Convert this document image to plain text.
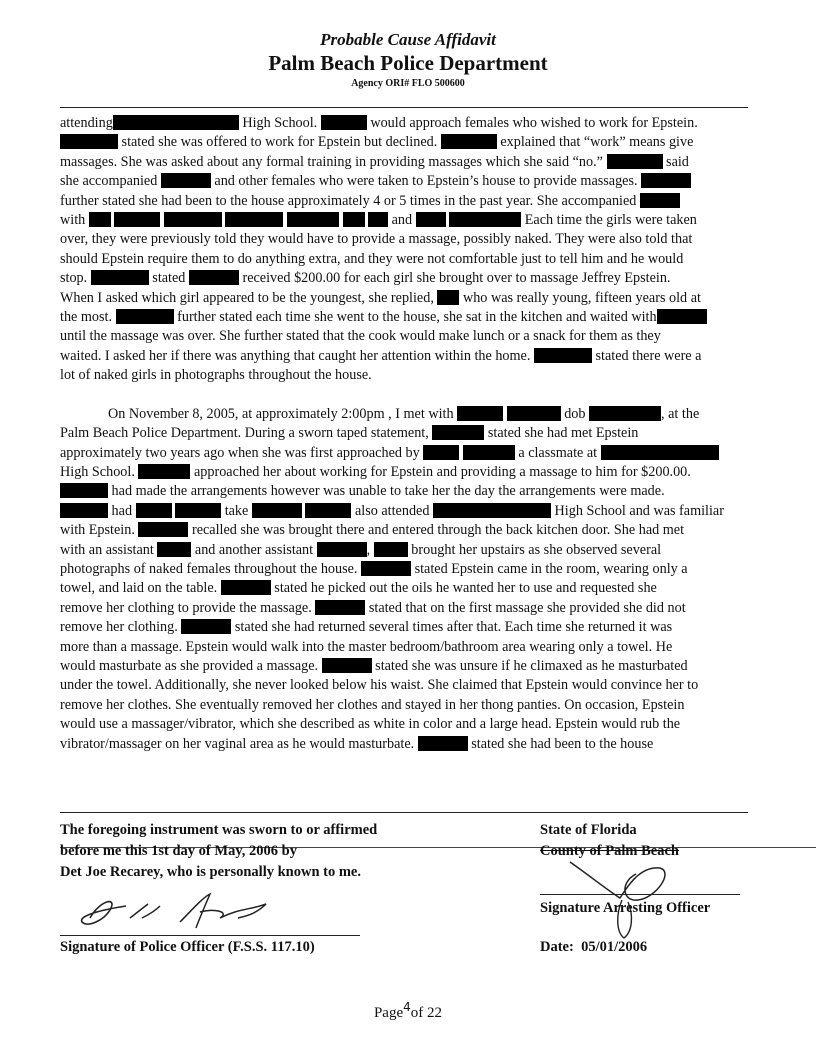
Probable Cause Affidavit
Palm Beach Police Department
Agency ORI# FLO 500600
attending	High School.	would approach females who wished to work for Epstein.
stated she was offered to work for Epstein but declined.	explained that “work” means give
massages. She was asked about any formal training in providing massages which she said “no.”	said
she accompanied	and other females who were taken to Epstein’s house to provide massages.
further stated she had been to the house approximately 4 or 5 times in the past year. She accompanied
with	and	Each time the girls were taken
over, they were previously told they would have to provide a massage, possibly naked. They were also told that
should Epstein require them to do anything extra, and they were not comfortable just to tell him and he would
stop.	stated	received $200.00 for each girl she brought over to massage Jeffrey Epstein.
When I asked which girl appeared to be the youngest, she replied, who was really young, fifteen years old at
the most.	further stated each time she went to the house, she sat in the kitchen and waited with
until the massage was over. She further stated that the cook would make lunch or a snack for them as they
waited. I asked her if there was anything that caught her attention within the home.	stated there were a
lot of naked girls in photographs throughout the house.
On November 8, 2005, at approximately 2:00pm , I met with	dob	, at the
Palm Beach Police Department. During a sworn taped statement,	stated she had met Epstein
approximately two years ago when she was first approached by	a classmate at
High School.	approached her about working for Epstein and providing a massage to him for $200.00.
had made the arrangements however was unable to take her the day the arrangements were made.
had	take	also attended	High School and was familiar
with Epstein.	recalled she was brought there and entered through the back kitchen door. She had met
with an assistant	and another assistant	,	brought her upstairs as she observed several
photographs of naked females throughout the house.	stated Epstein came in the room, wearing only a
towel, and laid on the table.	stated he picked out the oils he wanted her to use and requested she
remove her clothing to provide the massage.	stated that on the first massage she provided she did not
remove her clothing.	stated she had returned several times after that. Each time she returned it was
more than a massage. Epstein would walk into the master bedroom/bathroom area wearing only a towel. He
would masturbate as she provided a massage.	stated she was unsure if he climaxed as he masturbated
under the towel. Additionally, she never looked below his waist. She claimed that Epstein would convince her to
remove her clothes. She eventually removed her clothes and stayed in her thong panties. On occasion, Epstein
would use a massager/vibrator, which she described as white in color and a large head. Epstein would rub the
vibrator/massager on her vaginal area as he would masturbate.	stated she had been to the house
The foregoing instrument was sworn to or affirmed
before me this 1st day of May, 2006 by
Det Joe Recarey, who is personally known to me.
Signature of Police Officer (F.S.S. 117.10)
State of Florida
County of Palm Beach
Signature Arresting Officer
Date: 05/01/2006
Page$^4$of 22
